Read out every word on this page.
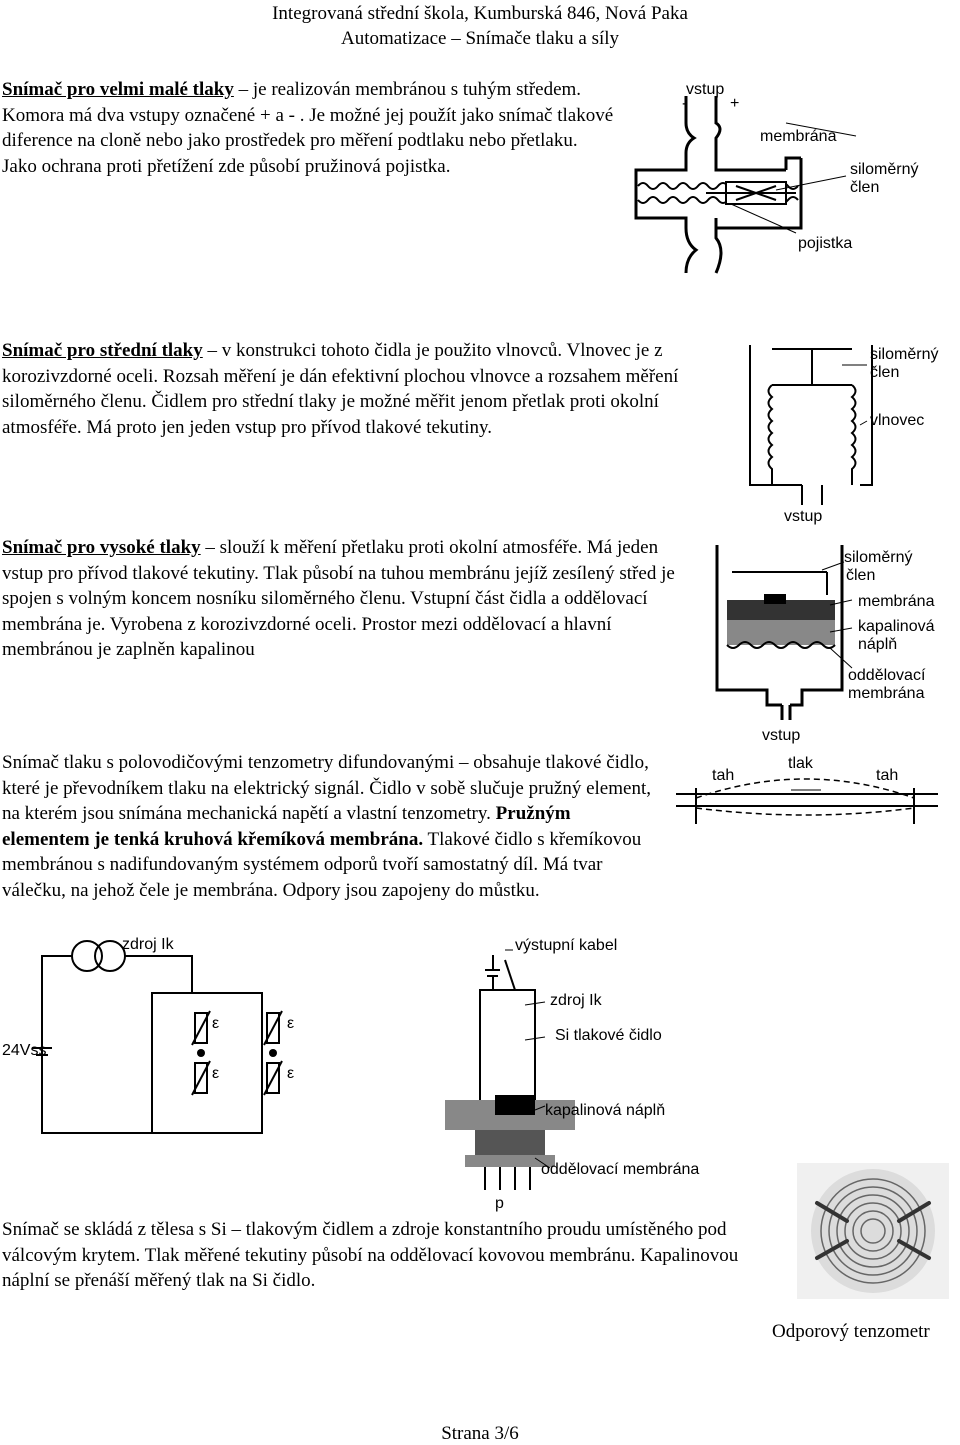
Integrovaná střední škola, Kumburská 846, Nová Paka
Automatizace – Snímače tlaku a síly
Snímač pro velmi malé tlaky – je realizován membránou s tuhým středem. Komora má dva vstupy označené + a - . Je možné jej použít jako snímač tlakové diference na cloně nebo jako prostředek pro měření podtlaku nebo přetlaku. Jako ochrana proti přetížení zde působí pružinová pojistka.
vstup
-	+
membrána
siloměrný
člen
pojistka
Snímač pro střední tlaky – v konstrukci tohoto čidla je použito vlnovců. Vlnovec je z korozivzdorné oceli. Rozsah měření je dán efektivní plochou vlnovce a rozsahem měření siloměrného členu. Čidlem pro střední tlaky je možné měřit jenom přetlak proti okolní atmosféře. Má proto jen jeden vstup pro přívod tlakové tekutiny.
siloměrný
člen
vlnovec
vstup
Snímač pro vysoké tlaky – slouží k měření přetlaku proti okolní atmosféře. Má jeden vstup pro přívod tlakové tekutiny. Tlak působí na tuhou membránu jejíž zesílený střed je spojen s volným koncem nosníku siloměrného členu. Vstupní část čidla a oddělovací membrána je. Vyrobena z korozivzdorné oceli. Prostor mezi oddělovací a hlavní membránou je zaplněn kapalinou
siloměrný
člen
membrána
kapalinová
náplň
oddělovací
membrána
vstup
Snímač tlaku s polovodičovými tenzometry difundovanými – obsahuje tlakové čidlo, které je převodníkem tlaku na elektrický signál. Čidlo v sobě slučuje pružný element, na kterém jsou snímána mechanická napětí a vlastní tenzometry. Pružným elementem je tenká kruhová křemíková membrána. Tlakové čidlo s křemíkovou membránou s nadifundovaným systémem odporů tvoří samostatný díl. Má tvar válečku, na jehož čele je membrána. Odpory jsou zapojeny do můstku.
tah
tlak
tah
zdroj Ik
24Vss
ε	ε
ε	ε
výstupní kabel
zdroj Ik
Si tlakové čidlo
kapalinová náplň
oddělovací membrána
p
Snímač se skládá z tělesa s Si – tlakovým čidlem a zdroje konstantního proudu umístěného pod válcovým krytem. Tlak měřené tekutiny působí na oddělovací kovovou membránu. Kapalinovou náplní se přenáší měřený tlak na Si čidlo.
Odporový tenzometr
Strana 3/6
